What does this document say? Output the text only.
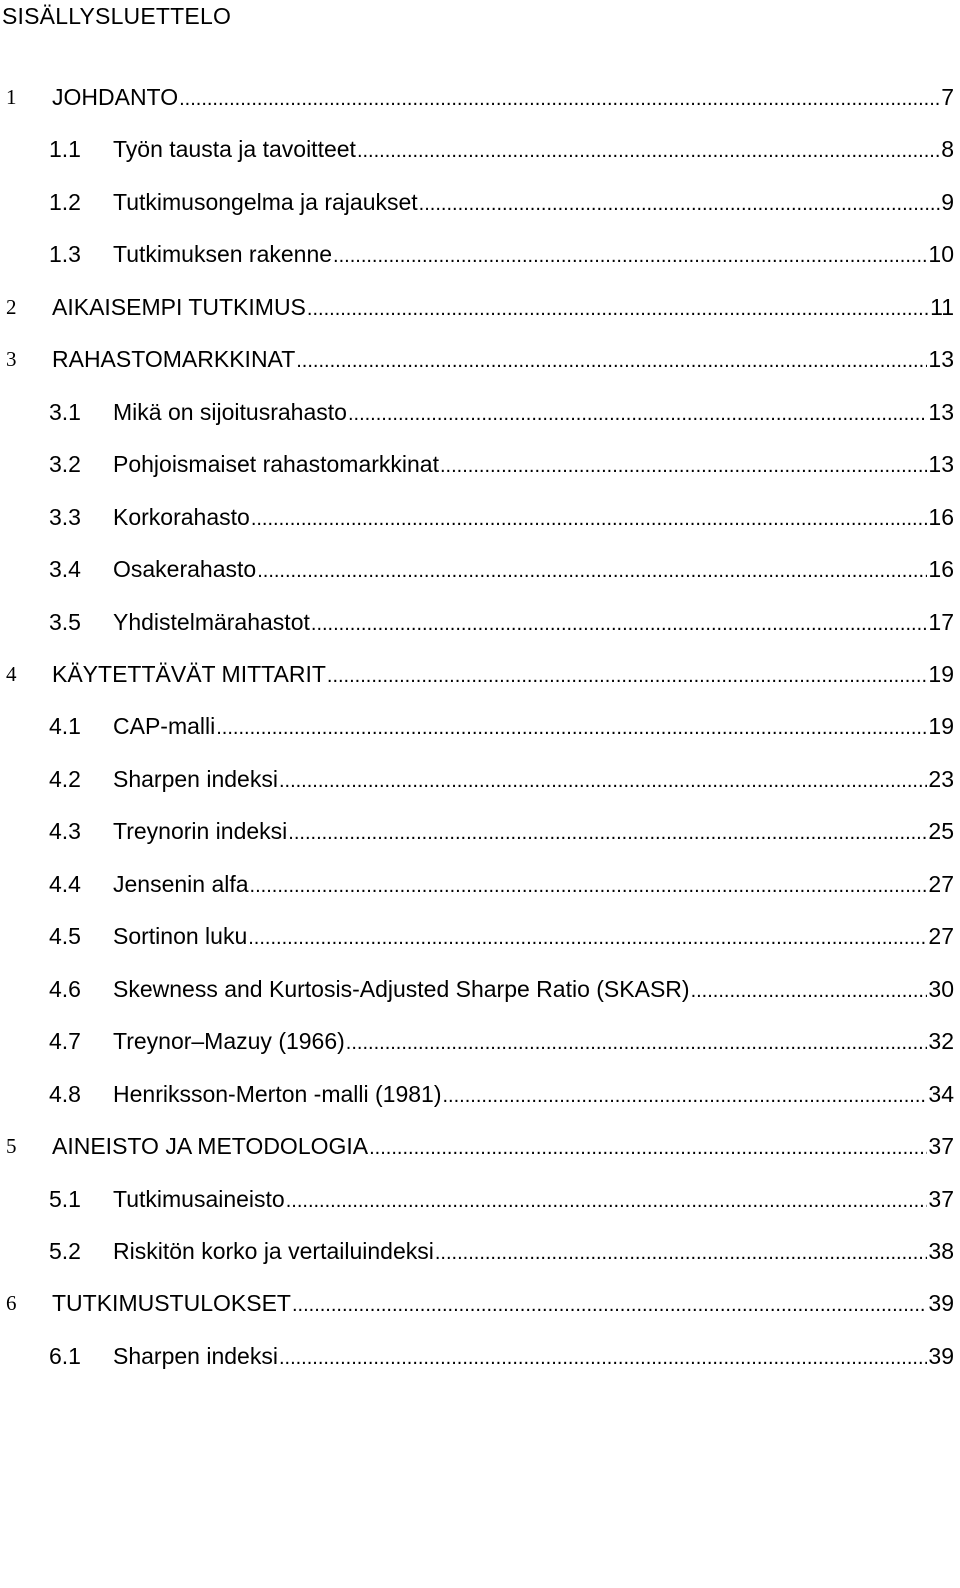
SISÄLLYSLUETTELO
1 JOHDANTO .....	7
1.1 Työn tausta ja tavoitteet .....	8
1.2 Tutkimusongelma ja rajaukset .....	9
1.3 Tutkimuksen rakenne .....	10
2 AIKAISEMPI TUTKIMUS .....	11
3 RAHASTOMARKKINAT .....	13
3.1 Mikä on sijoitusrahasto .....	13
3.2 Pohjoismaiset rahastomarkkinat .....	13
3.3 Korkorahasto .....	16
3.4 Osakerahasto .....	16
3.5 Yhdistelmärahastot .....	17
4 KÄYTETTÄVÄT MITTARIT .....	19
4.1 CAP-malli .....	19
4.2 Sharpen indeksi .....	23
4.3 Treynorin indeksi .....	25
4.4 Jensenin alfa .....	27
4.5 Sortinon luku .....	27
4.6 Skewness and Kurtosis-Adjusted Sharpe Ratio (SKASR) .....	30
4.7 Treynor–Mazuy (1966) .....	32
4.8 Henriksson-Merton -malli (1981) .....	34
5 AINEISTO JA METODOLOGIA .....	37
5.1 Tutkimusaineisto .....	37
5.2 Riskitön korko ja vertailuindeksi .....	38
6 TUTKIMUSTULOKSET .....	39
6.1 Sharpen indeksi .....	39
